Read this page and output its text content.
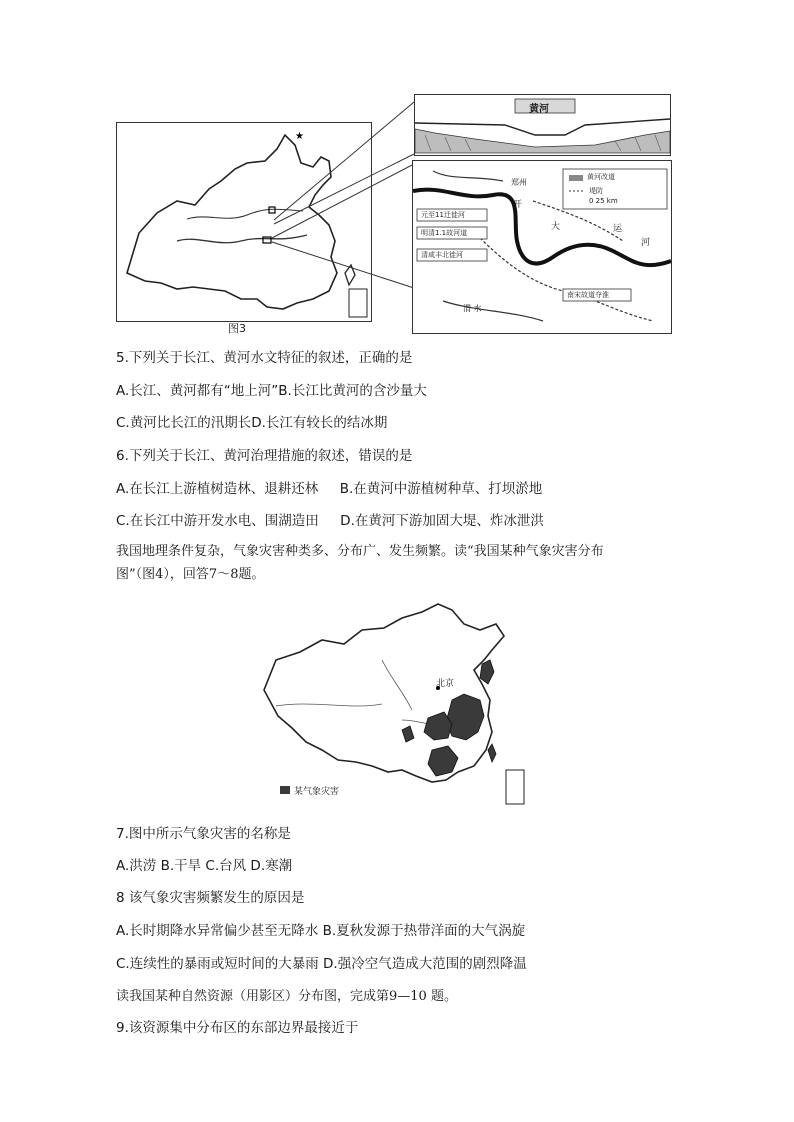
★
图3
黄河
黄河改道
堤防
0 25 km
郑州
元至11迁徙河
明清1.1故河道
清咸丰北徙河
南宋故道夺淮
渭 水
开
大	运
河
5.下列关于长江、黄河水文特征的叙述，正确的是
A.长江、黄河都有“地上河”B.长江比黄河的含沙量大
C.黄河比长江的汛期长D.长江有较长的结冰期
6.下列关于长江、黄河治理措施的叙述，错误的是
A.在长江上游植树造林、退耕还林     B.在黄河中游植树种草、打坝淤地
C.在长江中游开发水电、围湖造田     D.在黄河下游加固大堤、炸冰泄洪
我国地理条件复杂，气象灾害种类多、分布广、发生频繁。读“我国某种气象灾害分布
图”（图4），回答7～8题。
北京
某气象灾害
7.图中所示气象灾害的名称是
A.洪涝 B.干旱 C.台风 D.寒潮
8 该气象灾害频繁发生的原因是
A.长时期降水异常偏少甚至无降水 B.夏秋发源于热带洋面的大气涡旋
C.连续性的暴雨或短时间的大暴雨 D.强冷空气造成大范围的剧烈降温
读我国某种自然资源（用影区）分布图，完成第9—10 题。
9.该资源集中分布区的东部边界最接近于
